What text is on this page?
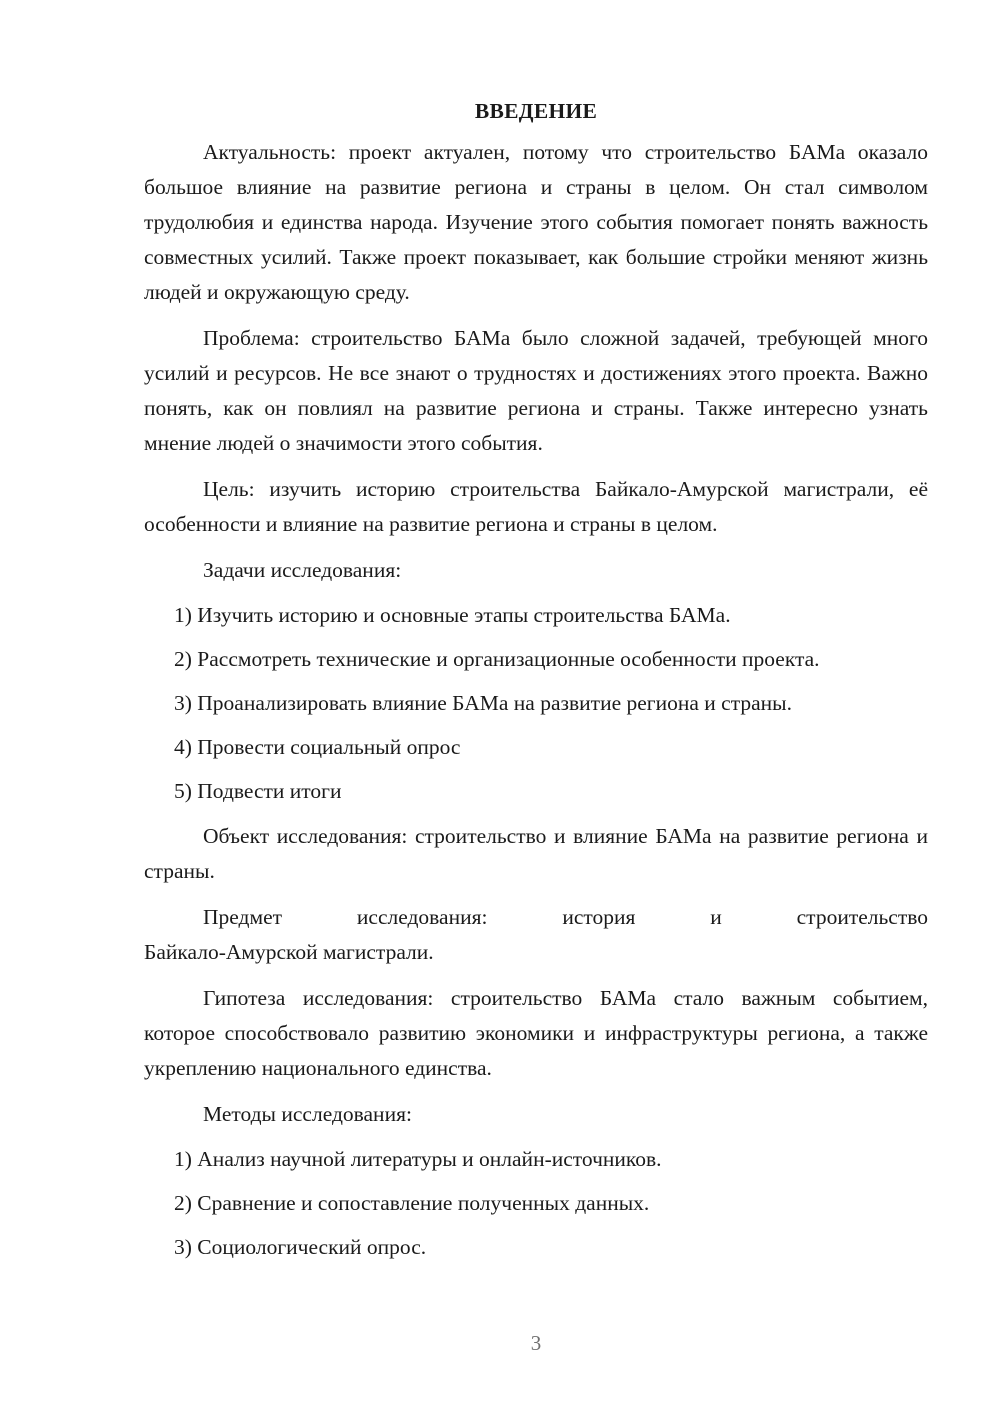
ВВЕДЕНИЕ

Актуальность: проект актуален, потому что строительство БАМа оказало большое влияние на развитие региона и страны в целом. Он стал символом трудолюбия и единства народа. Изучение этого события помогает понять важность совместных усилий. Также проект показывает, как большие стройки меняют жизнь людей и окружающую среду.

Проблема: строительство БАМа было сложной задачей, требующей много усилий и ресурсов. Не все знают о трудностях и достижениях этого проекта. Важно понять, как он повлиял на развитие региона и страны. Также интересно узнать мнение людей о значимости этого события.

Цель: изучить историю строительства Байкало-Амурской магистрали, её особенности и влияние на развитие региона и страны в целом.

Задачи исследования:

1) Изучить историю и основные этапы строительства БАМа.
2) Рассмотреть технические и организационные особенности проекта.
3) Проанализировать влияние БАМа на развитие региона и страны.
4) Провести социальный опрос
5) Подвести итоги

Объект исследования: строительство и влияние БАМа на развитие региона и страны.

Предмет исследования: история и строительство
Байкало-Амурской магистрали.

Гипотеза исследования: строительство БАМа стало важным событием, которое способствовало развитию экономики и инфраструктуры региона, а также укреплению национального единства.

Методы исследования:

1) Анализ научной литературы и онлайн-источников.
2) Сравнение и сопоставление полученных данных.
3) Социологический опрос.
3
